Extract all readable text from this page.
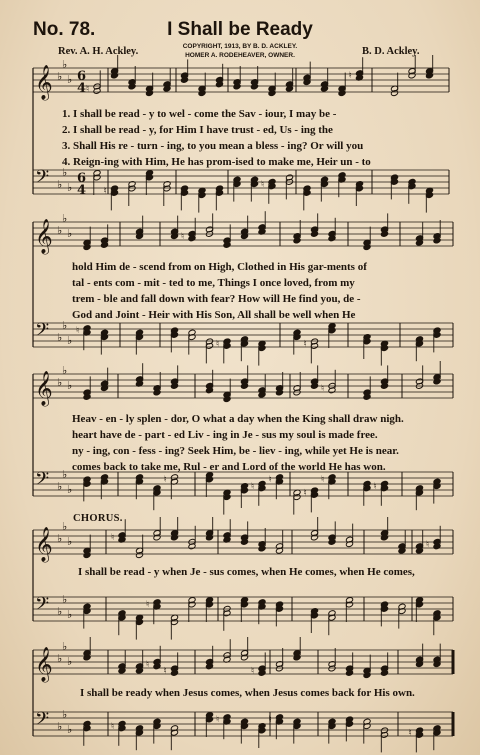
𝄞 ♭
♭
♭ 6
4 ♮
♮
𝄢 ♭
♭
♭
6
4 ♮
♮
𝄞 ♭
♭
♭	♮
𝄢 ♭
♭
♭
♮
♮	♮
𝄞 ♭
♭
♭	♮
𝄢 ♭
♭
♭
♮
♮
♮
♮
♮
♮
𝄞 ♭
♭
♭	♮
♮
𝄢 ♭
♭
♭
♮
𝄞 ♭
♭
♭	♮
♮	♮
𝄢 ♭
♭
♭	♮
♮	♮
♮
No. 78.	I Shall be Ready
COPYRIGHT, 1913, BY B. D. ACKLEY.
HOMER A. RODEHEAVER, OWNER.
Rev. A. H. Ackley.	B. D. Ackley.
1. I shall be read - y to wel - come the Sav - iour, I may be -
2. I shall be read - y, for Him I have trust - ed, Us - ing the
3. Shall His re - turn - ing, to you mean a bless - ing? Or will you
4. Reign-ing with Him, He has prom-ised to make me, Heir un - to
hold Him de - scend from on High, Clothed in His gar-ments of
tal - ents com - mit - ted to me, Things I once loved, from my
trem - ble and fall down with fear? How will He find you, de -
God and Joint - Heir with His Son, All shall be well when He
Heav - en - ly splen - dor, O what a day when the King shall draw nigh.
heart have de - part - ed Liv - ing in Je - sus my soul is made free.
ny - ing, con - fess - ing? Seek Him, be - liev - ing, while yet He is near.
comes back to take me, Rul - er and Lord of the world He has won.
CHORUS.
I shall be read - y when Je - sus comes, when He comes, when He comes,
I shall be ready when Jesus comes, when Jesus comes back for His own.
